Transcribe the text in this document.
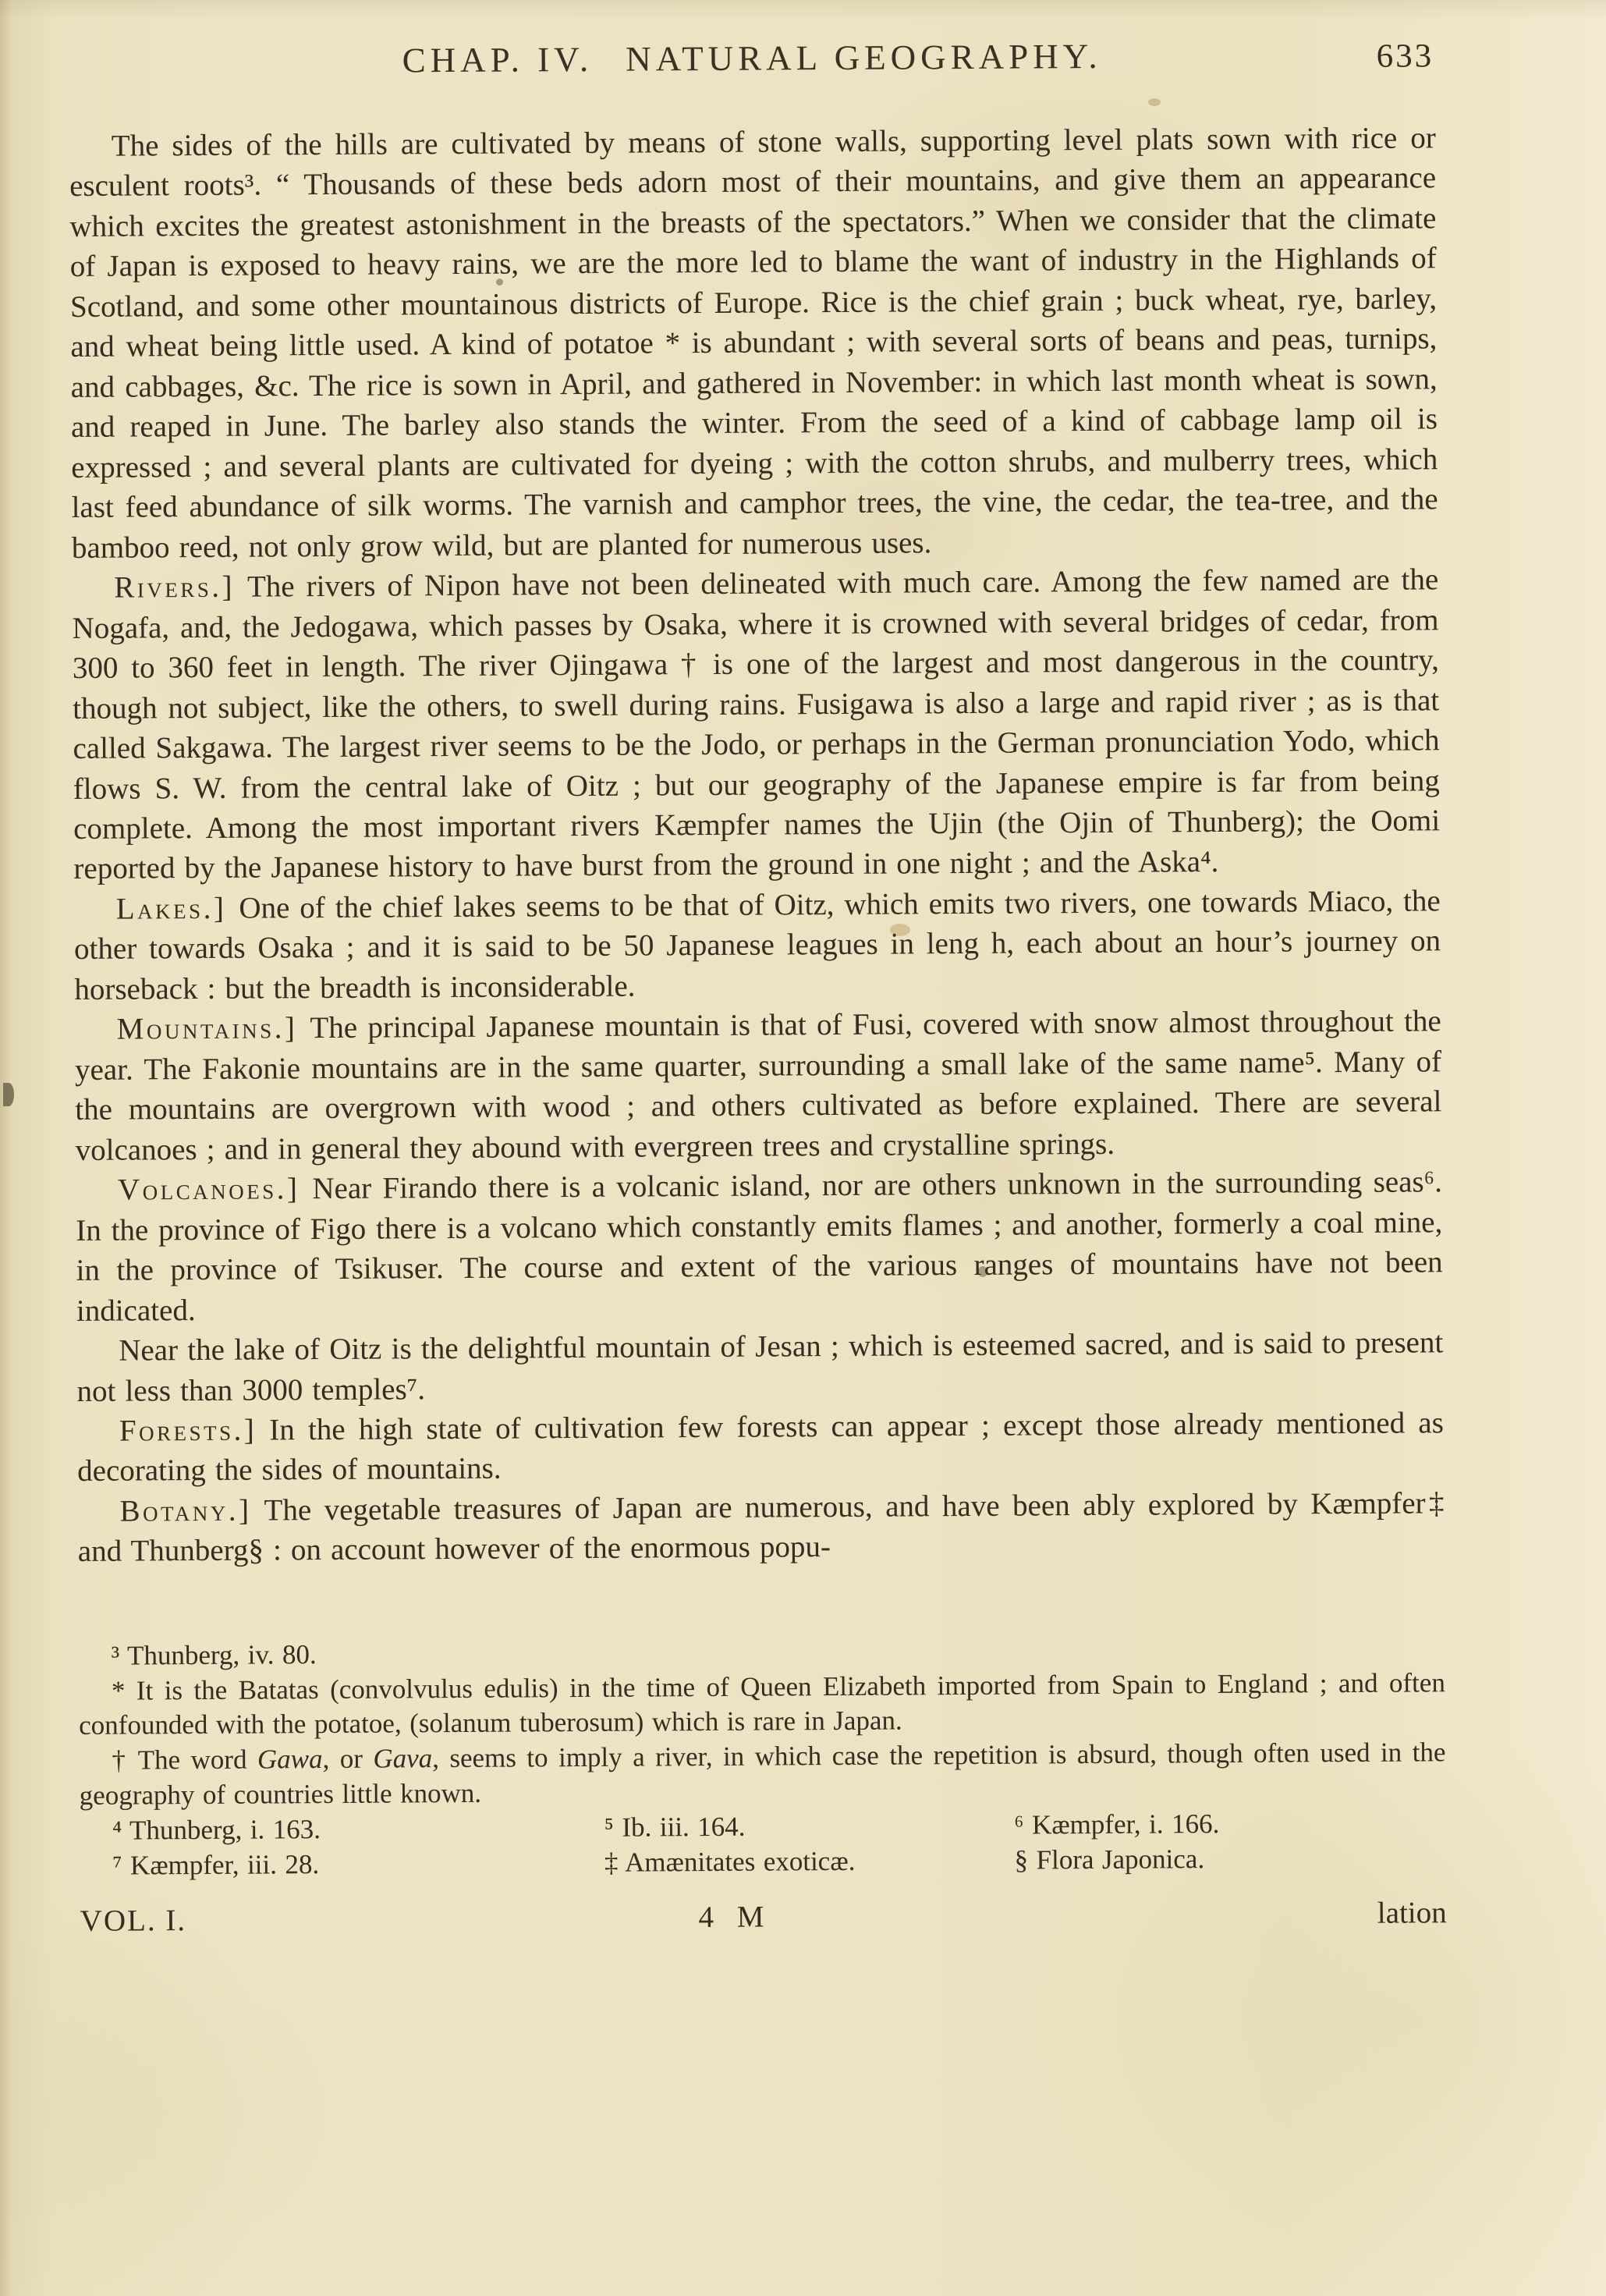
CHAP. IV. NATURAL GEOGRAPHY.	633

The sides of the hills are cultivated by means of stone walls, supporting level plats sown with rice or esculent roots³. “ Thousands of these beds adorn most of their mountains, and give them an appearance which excites the greatest astonishment in the breasts of the spectators.” When we consider that the climate of Japan is exposed to heavy rains, we are the more led to blame the want of industry in the Highlands of Scotland, and some other mountainous districts of Europe. Rice is the chief grain ; buck wheat, rye, barley, and wheat being little used. A kind of potatoe * is abundant ; with several sorts of beans and peas, turnips, and cabbages, &c. The rice is sown in April, and gathered in November: in which last month wheat is sown, and reaped in June. The barley also stands the winter. From the seed of a kind of cabbage lamp oil is expressed ; and several plants are cultivated for dyeing ; with the cotton shrubs, and mulberry trees, which last feed abundance of silk worms. The varnish and camphor trees, the vine, the cedar, the tea-tree, and the bamboo reed, not only grow wild, but are planted for numerous uses.

Rivers.] The rivers of Nipon have not been delineated with much care. Among the few named are the Nogafa, and, the Jedogawa, which passes by Osaka, where it is crowned with several bridges of cedar, from 300 to 360 feet in length. The river Ojingawa † is one of the largest and most dangerous in the country, though not subject, like the others, to swell during rains. Fusigawa is also a large and rapid river ; as is that called Sakgawa. The largest river seems to be the Jodo, or perhaps in the German pronunciation Yodo, which flows S. W. from the central lake of Oitz ; but our geography of the Japanese empire is far from being complete. Among the most important rivers Kæmpfer names the Ujin (the Ojin of Thunberg); the Oomi reported by the Japanese history to have burst from the ground in one night ; and the Aska⁴.

Lakes.] One of the chief lakes seems to be that of Oitz, which emits two rivers, one towards Miaco, the other towards Osaka ; and it is said to be 50 Japanese leagues in leng h, each about an hour’s journey on horseback : but the breadth is inconsiderable.

Mountains.] The principal Japanese mountain is that of Fusi, covered with snow almost throughout the year. The Fakonie mountains are in the same quarter, surrounding a small lake of the same name⁵. Many of the mountains are overgrown with wood ; and others cultivated as before explained. There are several volcanoes ; and in general they abound with evergreen trees and crystalline springs.

Volcanoes.] Near Firando there is a volcanic island, nor are others unknown in the surrounding seas⁶. In the province of Figo there is a volcano which constantly emits flames ; and another, formerly a coal mine, in the province of Tsikuser. The course and extent of the various ranges of mountains have not been indicated.

Near the lake of Oitz is the delightful mountain of Jesan ; which is esteemed sacred, and is said to present not less than 3000 temples⁷.

Forests.] In the high state of cultivation few forests can appear ; except those already mentioned as decorating the sides of mountains.

Botany.] The vegetable treasures of Japan are numerous, and have been ably explored by Kæmpfer‡ and Thunberg§ : on account however of the enormous popu-

³ Thunberg, iv. 80.

* It is the Batatas (convolvulus edulis) in the time of Queen Elizabeth imported from Spain to England ; and often confounded with the potatoe, (solanum tuberosum) which is rare in Japan.

† The word Gawa, or Gava, seems to imply a river, in which case the repetition is absurd, though often used in the geography of countries little known.

⁴ Thunberg, i. 163.	⁵ Ib. iii. 164.	⁶ Kæmpfer, i. 166.
⁷ Kæmpfer, iii. 28.	‡ Amænitates exoticæ.	§ Flora Japonica.
VOL. I.	4 M	lation
